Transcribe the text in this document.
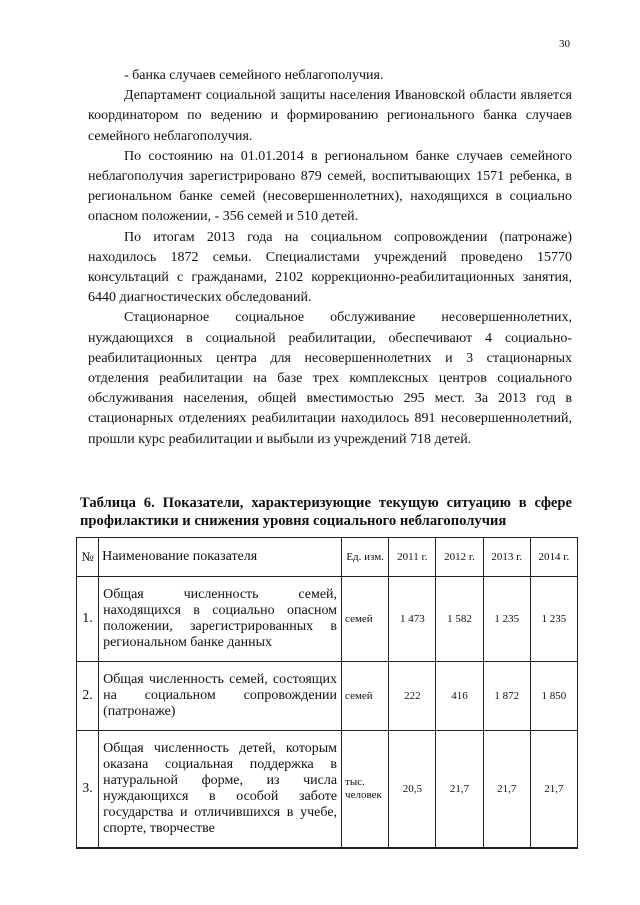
30

- банка случаев семейного неблагополучия.

Департамент социальной защиты населения Ивановской области является координатором по ведению и формированию регионального банка случаев семейного неблагополучия.

По состоянию на 01.01.2014 в региональном банке случаев семейного неблагополучия зарегистрировано 879 семей, воспитывающих 1571 ребенка, в региональном банке семей (несовершеннолетних), находящихся в социально опасном положении, - 356 семей и 510 детей.

По итогам 2013 года на социальном сопровождении (патронаже) находилось 1872 семьи. Специалистами учреждений проведено 15770 консультаций с гражданами, 2102 коррекционно-реабилитационных занятия, 6440 диагностических обследований.

Стационарное социальное обслуживание несовершеннолетних, нуждающихся в социальной реабилитации, обеспечивают 4 социально-реабилитационных центра для несовершеннолетних и 3 стационарных отделения реабилитации на базе трех комплексных центров социального обслуживания населения, общей вместимостью 295 мест. За 2013 год в стационарных отделениях реабилитации находилось 891 несовершеннолетний, прошли курс реабилитации и выбыли из учреждений 718 детей.

Таблица 6. Показатели, характеризующие текущую ситуацию в сфере профилактики и снижения уровня социального неблагополучия
№	Наименование показателя	Ед. изм.	2011 г.	2012 г.	2013 г.	2014 г.
1.	Общая численность семей, находящихся в социально опасном положении, зарегистрированных в региональном банке данных	семей	1 473	1 582	1 235	1 235
2.	Общая численность семей, состоящих на социальном сопровождении (патронаже)	семей	222	416	1 872	1 850
3.	Общая численность детей, которым оказана социальная поддержка в натуральной форме, из числа нуждающихся в особой заботе государства и отличившихся в учебе, спорте, творчестве	тыс. человек	20,5	21,7	21,7	21,7
